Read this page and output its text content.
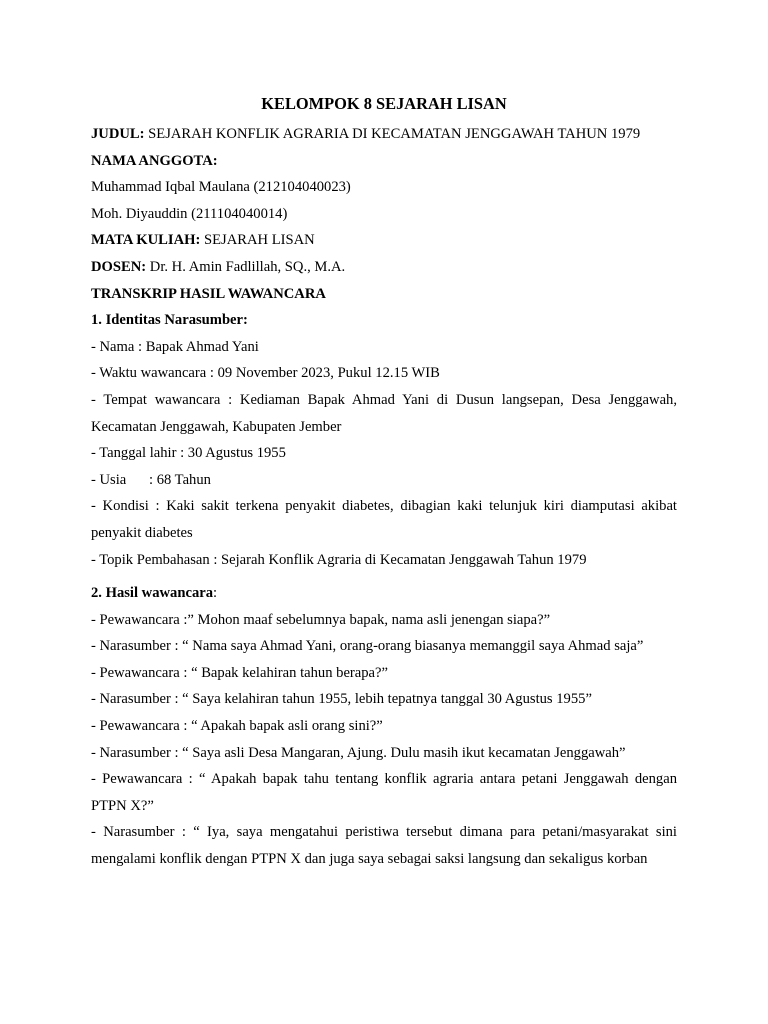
KELOMPOK 8 SEJARAH LISAN

JUDUL: SEJARAH KONFLIK AGRARIA DI KECAMATAN JENGGAWAH TAHUN 1979

NAMA ANGGOTA:

Muhammad Iqbal Maulana (212104040023)

Moh. Diyauddin (211104040014)

MATA KULIAH: SEJARAH LISAN

DOSEN: Dr. H. Amin Fadlillah, SQ., M.A.

TRANSKRIP HASIL WAWANCARA

1. Identitas Narasumber:

- Nama : Bapak Ahmad Yani

- Waktu wawancara : 09 November 2023, Pukul 12.15 WIB

- Tempat wawancara : Kediaman Bapak Ahmad Yani di Dusun langsepan, Desa Jenggawah, Kecamatan Jenggawah, Kabupaten Jember

- Tanggal lahir : 30 Agustus 1955

- Usia : 68 Tahun

- Kondisi : Kaki sakit terkena penyakit diabetes, dibagian kaki telunjuk kiri diamputasi akibat penyakit diabetes

- Topik Pembahasan : Sejarah Konflik Agraria di Kecamatan Jenggawah Tahun 1979

2. Hasil wawancara:

- Pewawancara :” Mohon maaf sebelumnya bapak, nama asli jenengan siapa?”

- Narasumber : “ Nama saya Ahmad Yani, orang-orang biasanya memanggil saya Ahmad saja”

- Pewawancara : “ Bapak kelahiran tahun berapa?”

- Narasumber : “ Saya kelahiran tahun 1955, lebih tepatnya tanggal 30 Agustus 1955”

- Pewawancara : “ Apakah bapak asli orang sini?”

- Narasumber : “ Saya asli Desa Mangaran, Ajung. Dulu masih ikut kecamatan Jenggawah”

- Pewawancara : “ Apakah bapak tahu tentang konflik agraria antara petani Jenggawah dengan PTPN X?”

- Narasumber : “ Iya, saya mengatahui peristiwa tersebut dimana para petani/masyarakat sini mengalami konflik dengan PTPN X dan juga saya sebagai saksi langsung dan sekaligus korban
